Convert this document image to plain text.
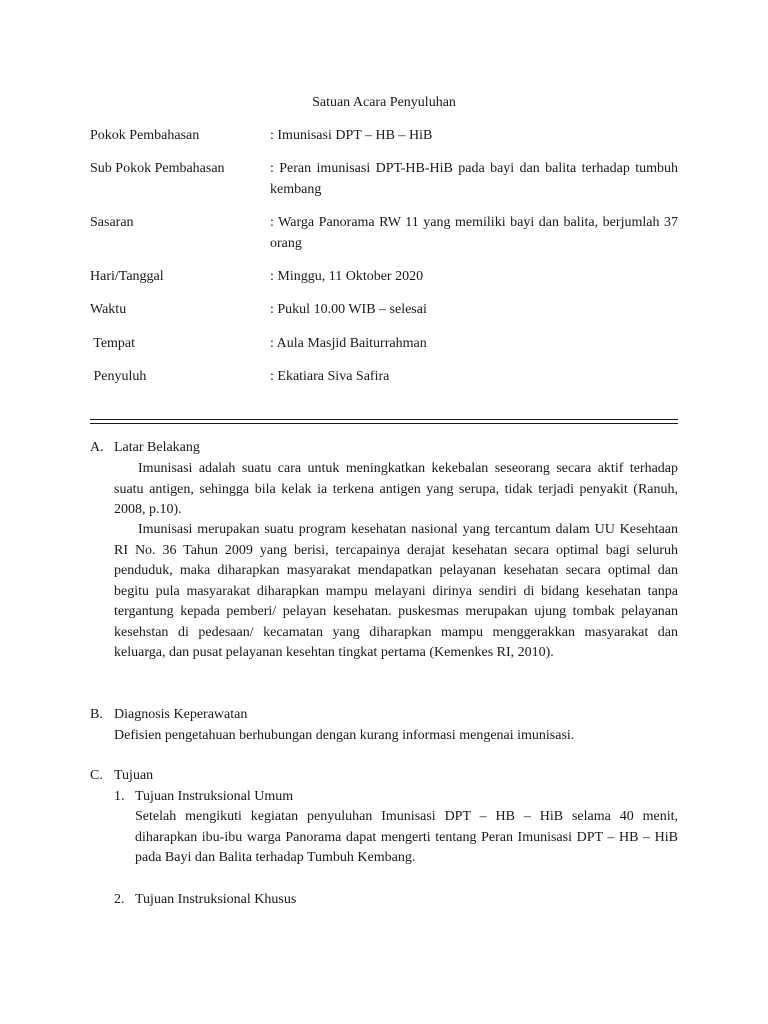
Satuan Acara Penyuluhan
Pokok Pembahasan	: Imunisasi DPT – HB – HiB
Sub Pokok Pembahasan	: Peran imunisasi DPT-HB-HiB pada bayi dan balita terhadap tumbuh kembang
Sasaran	: Warga Panorama RW 11 yang memiliki bayi dan balita, berjumlah 37 orang
Hari/Tanggal	: Minggu, 11 Oktober 2020
Waktu	: Pukul 10.00 WIB – selesai
Tempat	: Aula Masjid Baiturrahman
Penyuluh	: Ekatiara Siva Safira
A. Latar Belakang
Imunisasi adalah suatu cara untuk meningkatkan kekebalan seseorang secara aktif terhadap suatu antigen, sehingga bila kelak ia terkena antigen yang serupa, tidak terjadi penyakit (Ranuh, 2008, p.10).
Imunisasi merupakan suatu program kesehatan nasional yang tercantum dalam UU Kesehtaan RI No. 36 Tahun 2009 yang berisi, tercapainya derajat kesehatan secara optimal bagi seluruh penduduk, maka diharapkan masyarakat mendapatkan pelayanan kesehatan secara optimal dan begitu pula masyarakat diharapkan mampu melayani dirinya sendiri di bidang kesehatan tanpa tergantung kepada pemberi/ pelayan kesehatan. puskesmas merupakan ujung tombak pelayanan kesehstan di pedesaan/ kecamatan yang diharapkan mampu menggerakkan masyarakat dan keluarga, dan pusat pelayanan kesehtan tingkat pertama (Kemenkes RI, 2010).
B. Diagnosis Keperawatan
Defisien pengetahuan berhubungan dengan kurang informasi mengenai imunisasi.
C. Tujuan
1. Tujuan Instruksional Umum
Setelah mengikuti kegiatan penyuluhan Imunisasi DPT – HB – HiB selama 40 menit, diharapkan ibu-ibu warga Panorama dapat mengerti tentang Peran Imunisasi DPT – HB – HiB pada Bayi dan Balita terhadap Tumbuh Kembang.
2. Tujuan Instruksional Khusus
